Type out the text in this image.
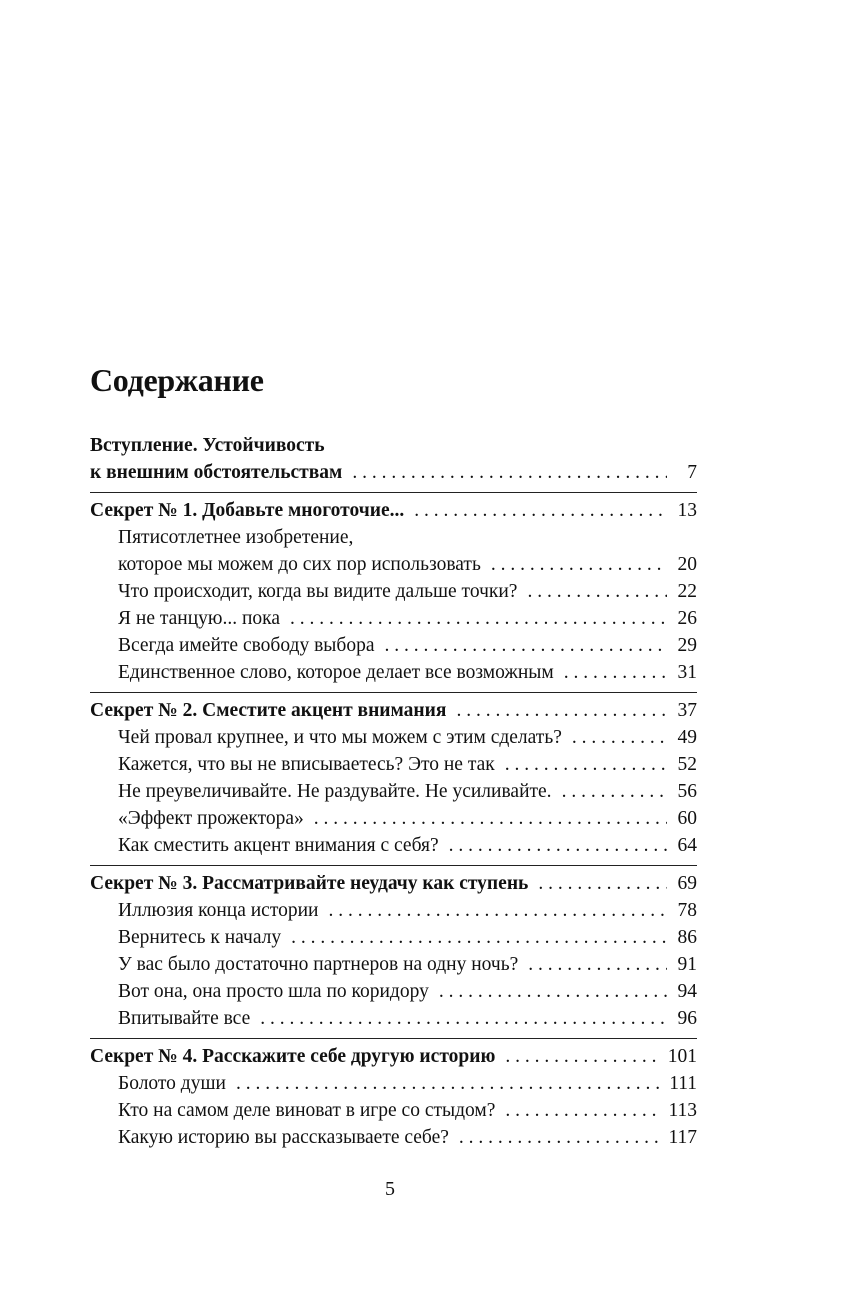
Содержание
Вступление. Устойчивость
к внешним обстоятельствам . . .	7
Секрет № 1. Добавьте многоточие... . . .	13
Пятисотлетнее изобретение,
которое мы можем до сих пор использовать . . .	20
Что происходит, когда вы видите дальше точки? . . .	22
Я не танцую... пока . . .	26
Всегда имейте свободу выбора . . .	29
Единственное слово, которое делает все возможным . . .	31
Секрет № 2. Сместите акцент внимания . . .	37
Чей провал крупнее, и что мы можем с этим сделать? . . .	49
Кажется, что вы не вписываетесь? Это не так . . .	52
Не преувеличивайте. Не раздувайте. Не усиливайте. . . .	56
«Эффект прожектора» . . .	60
Как сместить акцент внимания с себя? . . .	64
Секрет № 3. Рассматривайте неудачу как ступень . . .	69
Иллюзия конца истории . . .	78
Вернитесь к началу . . .	86
У вас было достаточно партнеров на одну ночь? . . .	91
Вот она, она просто шла по коридору . . .	94
Впитывайте все . . .	96
Секрет № 4. Расскажите себе другую историю . . .	101
Болото души . . .	111
Кто на самом деле виноват в игре со стыдом? . . .	113
Какую историю вы рассказываете себе? . . .	117
5
